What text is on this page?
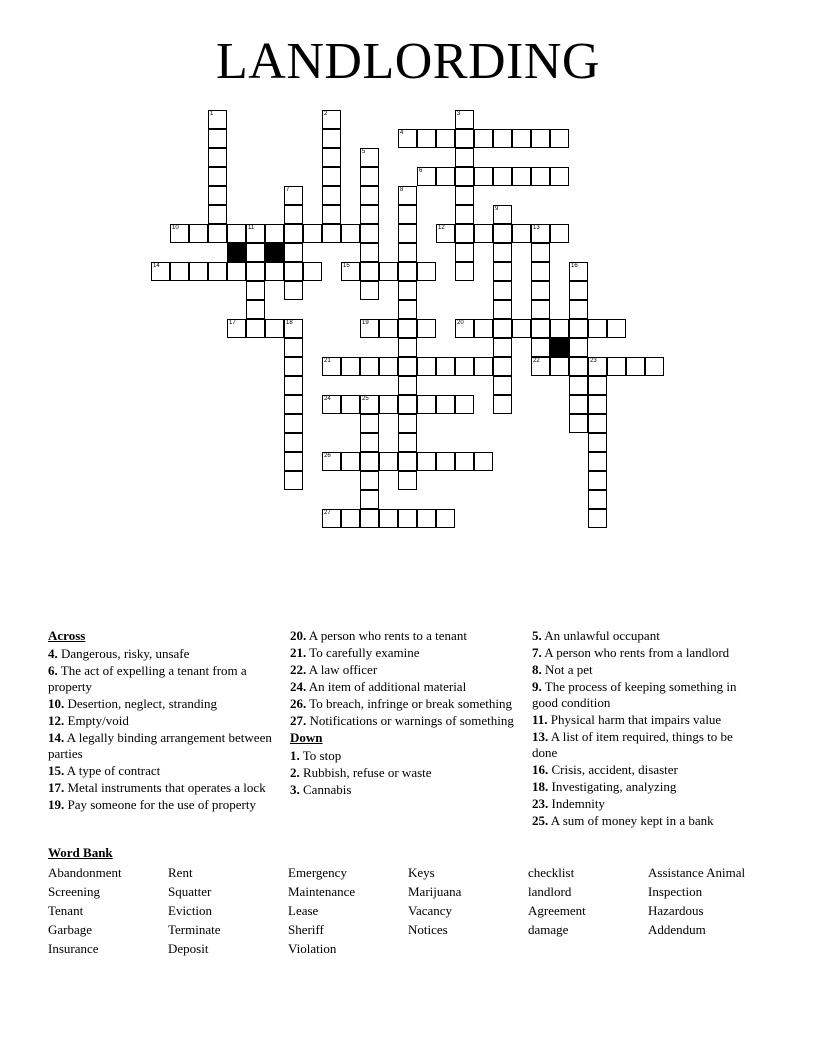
LANDLORDING
4
6
10	11	12	13
14	15
17	19	20
21	22	23
24	25
26
27
1	2	3
5
7	8
9
16
18
Across
4. Dangerous, risky, unsafe
6. The act of expelling a tenant from a property
10. Desertion, neglect, stranding
12. Empty/void
14. A legally binding arrangement between parties
15. A type of contract
17. Metal instruments that operates a lock
19. Pay someone for the use of property
20. A person who rents to a tenant
21. To carefully examine
22. A law officer
24. An item of additional material
26. To breach, infringe or break something
27. Notifications or warnings of something
Down
1. To stop
2. Rubbish, refuse or waste
3. Cannabis
5. An unlawful occupant
7. A person who rents from a landlord
8. Not a pet
9. The process of keeping something in good condition
11. Physical harm that impairs value
13. A list of item required, things to be done
16. Crisis, accident, disaster
18. Investigating, analyzing
23. Indemnity
25. A sum of money kept in a bank
Word Bank
Abandonment	Rent	Emergency	Keys	checklist	Assistance Animal
Screening	Squatter	Maintenance	Marijuana	landlord	Inspection
Tenant	Eviction	Lease	Vacancy	Agreement	Hazardous
Garbage	Terminate	Sheriff	Notices	damage	Addendum
Insurance	Deposit	Violation
